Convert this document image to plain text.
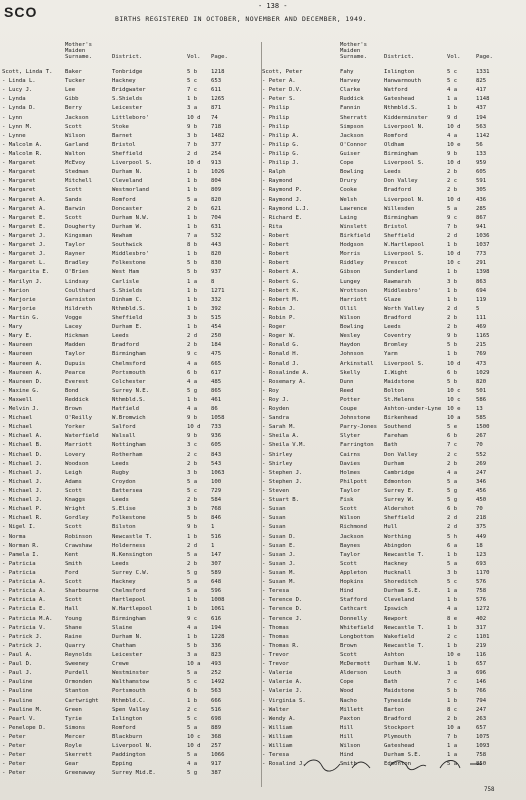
SCO	- 138 -
BIRTHS REGISTERED IN OCTOBER, NOVEMBER AND DECEMBER, 1949.
Mother's
Maiden
Surname.	District.	Vol. Page.
Scott, Linda T.	Baker	Tonbridge	5 b	1218
- Linda L.	Tucker	Hackney	5 c	653
- Lucy J.	Lee	Bridgwater	7 c	611
- Lynda	Gibb	S.Shields	1 b	1265
- Lynda D.	Berry	Leicester	3 a	871
- Lynn	Jackson	Littleboro'	10 d	74
- Lynn M.	Scott	Stoke	9 b	718
- Lynne	Wilson	Barnet	3 b	1482
- Malcolm A.	Garland	Bristol	7 b	377
- Malcolm R.	Walton	Sheffield	2 d	254
- Margaret	McEvoy	Liverpool S.	10 d	913
- Margaret	Stedman	Durham N.	1 b	1026
- Margaret	Mitchell	Cleveland	1 b	804
- Margaret	Scott	Westmorland	1 b	809
- Margaret A.	Sands	Romford	5 a	820
- Margaret A.	Barwin	Doncaster	2 b	621
- Margaret E.	Scott	Durham N.W.	1 b	704
- Margaret E.	Dougherty	Durham W.	1 b	631
- Margaret J.	Kingsman	Newham	7 a	532
- Margaret J.	Taylor	Southwick	8 b	443
- Margaret J.	Rayner	Middlesbro'	1 b	820
- Margaret L.	Bradley	Folkestone	5 b	830
- Margarita E.	O'Brien	West Ham	5 b	937
- Marilyn J.	Lindsay	Carlisle	1 a	8
- Marion	Coulthard	S.Shields	1 b	1271
- Marjorie	Garniston	Dinham C.	1 b	332
- Marjorie	Hildreth	Nthmbld.S.	1 b	392
- Martin G.	Vogge	Sheffield	3 b	515
- Mary	Lacey	Durham E.	1 b	454
- Mary E.	Hickman	Leeds	2 d	250
- Maureen	Madden	Bradford	2 b	184
- Maureen	Taylor	Birmingham	9 c	475
- Maureen A.	Dupuis	Chelmsford	4 a	665
- Maureen A.	Pearce	Portsmouth	6 b	617
- Maureen D.	Everest	Colchester	4 a	485
- Maxine G.	Bond	Surrey N.E.	5 g	865
- Maxwell	Reddick	Nthmbld.S.	1 b	461
- Melvin J.	Brown	Hatfield	4 a	86
- Michael	O'Reilly	W.Bromwich	9 b	1058
- Michael	Yorker	Salford	10 d	733
- Michael A.	Waterfield	Walsall	9 b	936
- Michael B.	Marriott	Nottingham	3 c	605
- Michael D.	Lovery	Rotherham	2 c	843
- Michael J.	Woodson	Leeds	2 b	543
- Michael J.	Leigh	Rugby	3 b	1063
- Michael J.	Adams	Croydon	5 a	100
- Michael J.	Scott	Battersea	5 c	729
- Michael J.	Knaggs	Leeds	2 b	584
- Michael P.	Wright	S.Elise	3 b	768
- Michael R.	Gordley	Folkestone	5 b	846
- Nigel I.	Scott	Bilston	9 b	1
- Norma	Robinson	Newcastle T.	1 b	516
- Norman R.	Crawshaw	Holderness	2 d	1
- Pamela I.	Kent	N.Kensington	5 a	147
- Patricia	Smith	Leeds	2 b	307
- Patricia	Ford	Surrey C.W.	5 g	589
- Patricia A.	Scott	Hackney	5 a	648
- Patricia A.	Sharbourne	Chelmsford	5 a	596
- Patricia A.	Scott	Hartlepool	1 b	1008
- Patricia E.	Hall	W.Hartlepool	1 b	1061
- Patricia M.A.	Young	Birmingham	9 c	616
- Patricia V.	Shane	Slaine	4 a	194
- Patrick J.	Raine	Durham N.	1 b	1228
- Patrick J.	Quarry	Chatham	5 b	336
- Paul A.	Reynolds	Leicester	3 a	823
- Paul D.	Sweeney	Crewe	10 a	493
- Paul J.	Purdell	Westminster	5 a	252
- Pauline	Ormonden	Walthamstow	5 c	1492
- Pauline	Stanton	Portsmouth	6 b	563
- Pauline	Cartwright	Nthmbld.C.	1 b	666
- Pauline M.	Green	Spen Valley	2 c	516
- Pearl V.	Tyrie	Islington	5 c	698
- Penelope D.	Simons	Romford	5 a	889
- Peter	Mercer	Blackburn	10 c	368
- Peter	Royle	Liverpool N.	10 d	257
- Peter	Skerrett	Paddington	5 a	1066
- Peter	Gear	Epping	4 a	917
- Peter	Greenaway	Surrey Mid.E.	5 g	387
Mother's
Maiden
Surname.	District.	Vol.	Page.
Scott, Peter	Fahy	Islington	5 c	1331
- Peter A.	Harvey	Hanwarmouth	5 c	825
- Peter D.V.	Clarke	Watford	4 a	417
- Peter S.	Ruddick	Gateshead	1 a	1148
- Philip	Fannin	Nthmbld.S.	1 b	437
- Philip	Sherratt	Kidderminster	9 d	194
- Philip	Simpson	Liverpool N.	10 d	563
- Philip A.	Jackson	Romford	4 a	1142
- Philip G.	O'Connor	Oldham	10 e	56
- Philip G.	Guiser	Birmingham	9 b	133
- Philip J.	Cope	Liverpool S.	10 d	959
- Ralph	Bowling	Leeds	2 b	605
- Raymond	Drury	Don Valley	2 c	591
- Raymond P.	Cooke	Bradford	2 b	305
- Raymond J.	Welsh	Liverpool N.	10 d	436
- Raymond L.J.	Lawrence	Willesden	5 a	285
- Richard E.	Laing	Birmingham	9 c	867
- Rita	Winslett	Bristol	7 b	941
- Robert	Birkfield	Sheffield	2 d	1036
- Robert	Hodgson	W.Hartlepool	1 b	1037
- Robert	Morris	Liverpool S.	10 d	773
- Robert	Riddley	Prescot	10 c	291
- Robert A.	Gibson	Sunderland	1 b	1398
- Robert G.	Lungey	Rawmarsh	3 b	863
- Robert K.	Wrottson	Middlesbro'	1 b	694
- Robert M.	Harriott	Glaze	1 b	119
- Robin J.	Ollil	Worth Valley	2 d	5
- Robin P.	Wilson	Bradford	2 b	111
- Roger	Bowling	Leeds	2 b	469
- Roger W.	Wesley	Coventry	9 b	1165
- Ronald G.	Haydon	Bromley	5 b	215
- Ronald H.	Johnson	Yarm	1 b	769
- Ronald J.	Arkinstall	Liverpool S.	10 d	473
- Rosalinde A.	Skelly	I.Wight	6 b	1029
- Rosemary A.	Dunn	Maidstone	5 b	820
- Roy	Reed	Bolton	10 c	501
- Roy J.	Potter	St.Helens	10 c	586
- Royden	Coupe	Ashton-under-Lyne	10 e	13
- Sandra	Johnstone	Birkenhead	10 a	585
- Sarah M.	Parry-Jones	Southend	5 e	1500
- Sheila A.	Slyter	Fareham	6 b	267
- Sheila V.M.	Farrington	Bath	7 c	70
- Shirley	Cairns	Don Valley	2 c	552
- Shirley	Davies	Durham	2 b	269
- Stephen J.	Holmes	Cambridge	4 a	247
- Stephen J.	Philpott	Edmonton	5 a	346
- Steven	Taylor	Surrey E.	5 g	456
- Stuart B.	Fisk	Surrey W.	5 g	450
- Susan	Scott	Aldershot	6 b	70
- Susan	Wilson	Sheffield	2 d	218
- Susan	Richmond	Hull	2 d	375
- Susan D.	Jackson	Worthing	5 h	449
- Susan E.	Baynes	Abingdon	6 a	18
- Susan J.	Taylor	Newcastle T.	1 b	123
- Susan J.	Scott	Hackney	5 a	693
- Susan M.	Appleton	Hucknall	3 b	1170
- Susan M.	Hopkins	Shoreditch	5 c	576
- Teresa	Hind	Durham S.E.	1 a	758
- Terence D.	Stafford	Cleveland	1 b	576
- Terence D.	Cathcart	Ipswich	4 a	1272
- Terence J.	Donnelly	Newport	8 e	402
- Thomas	Whitefield	Newcastle T.	1 b	317
- Thomas	Longbottom	Wakefield	2 c	1101
- Thomas R.	Brown	Newcastle T.	1 b	219
- Trevor	Scott	Ashton	10 e	116
- Trevor	McDermott	Durham N.W.	1 b	657
- Valerie	Alderson	Louth	3 a	696
- Valerie A.	Cope	Bath	7 c	146
- Valerie J.	Wood	Maidstone	5 b	766
- Virginia S.	Nacho	Tyneside	1 b	794
- Walter	Millett	Barton	8 c	247
- Wendy A.	Paxton	Bradford	2 b	263
- William	Hill	Stockport	10 a	657
- William	Hill	Plymouth	7 b	1075
- William	Wilson	Gateshead	1 a	1093
- Teresa	Hind	Durham S.E.	1 a	758
- Rosalind J.	Smith	Edmonton	5 a	850
758
